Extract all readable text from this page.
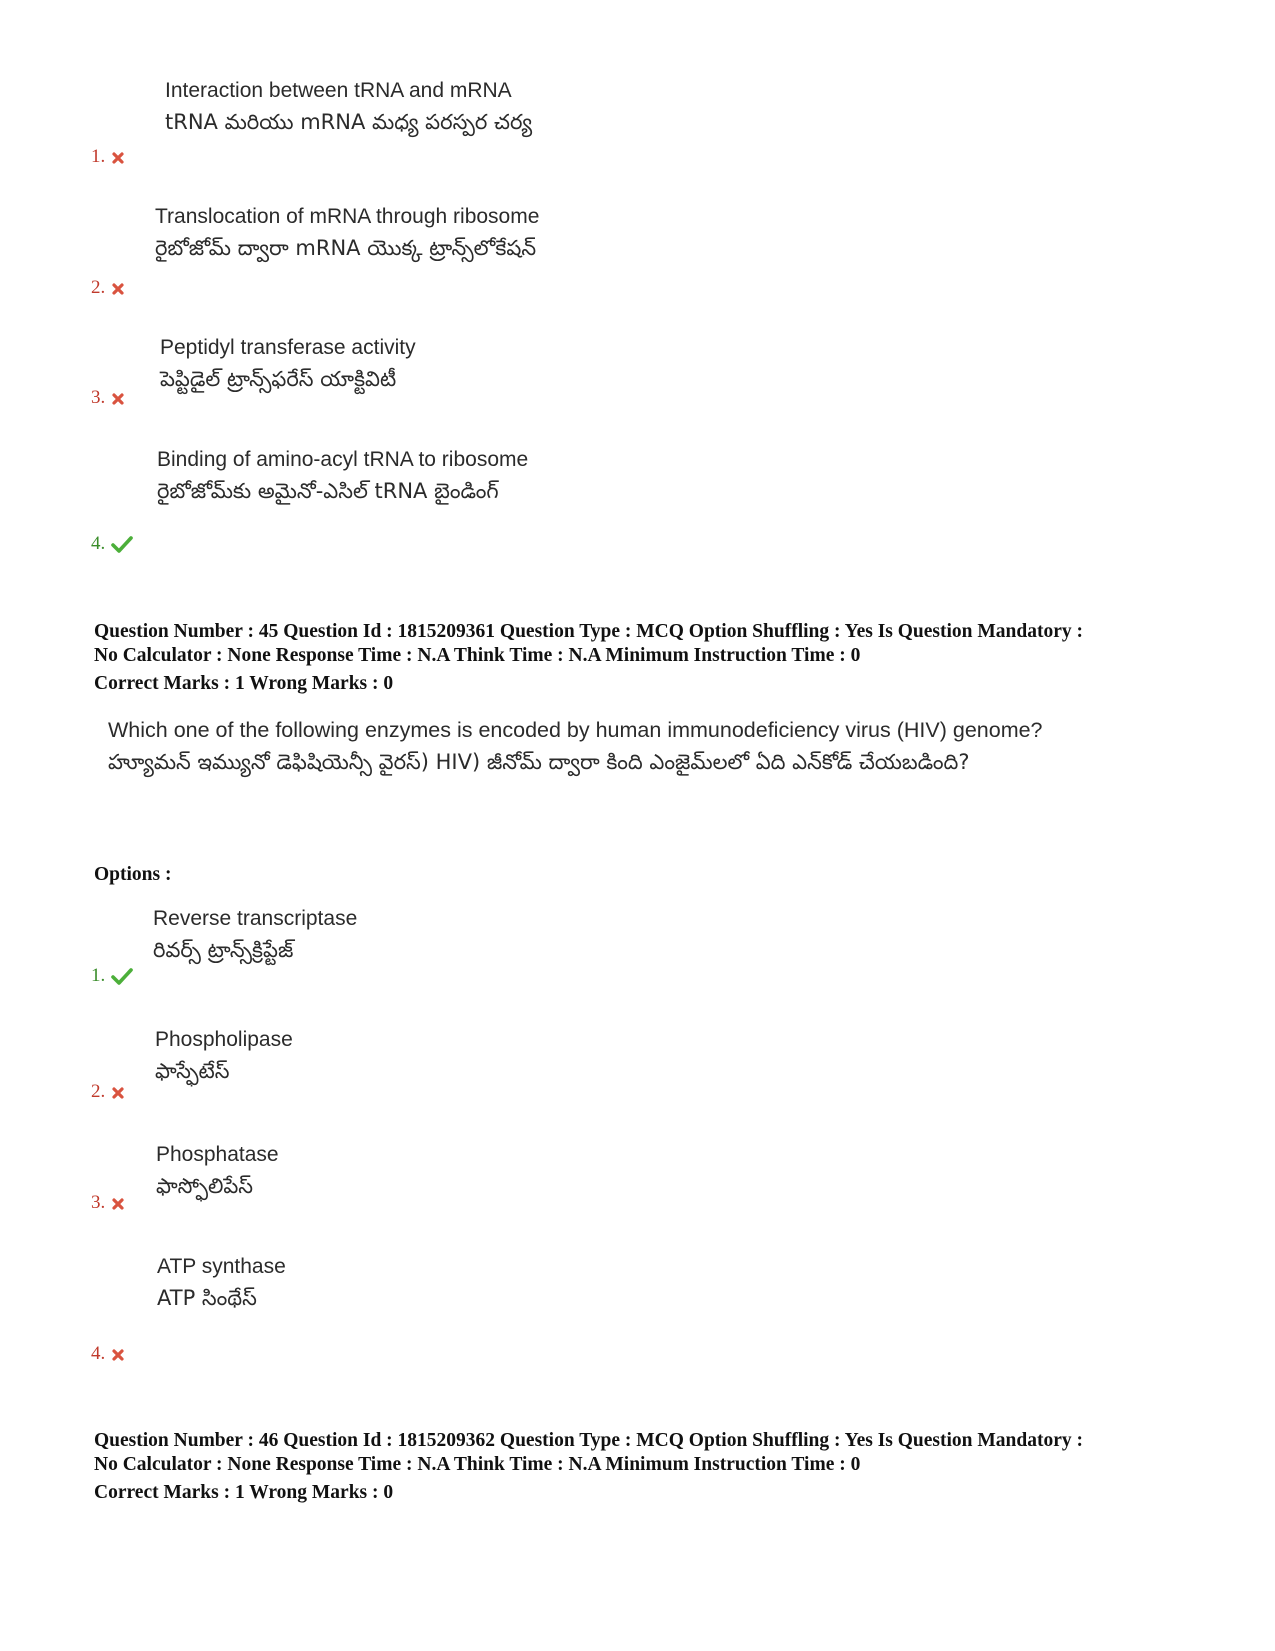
Interaction between tRNA and mRNA
tRNA మరియు mRNA మధ్య పరస్పర చర్య
1.
Translocation of mRNA through ribosome
రైబోజోమ్ ద్వారా mRNA యొక్క ట్రాన్స్‌లోకేషన్
2.
Peptidyl transferase activity
పెప్టిడైల్ ట్రాన్స్‌ఫరేస్ యాక్టివిటీ
3.
Binding of amino-acyl tRNA to ribosome
రైబోజోమ్‌కు అమైనో-ఎసిల్ tRNA బైండింగ్
4.
Question Number : 45 Question Id : 1815209361 Question Type : MCQ Option Shuffling : Yes Is Question Mandatory :
No Calculator : None Response Time : N.A Think Time : N.A Minimum Instruction Time : 0
Correct Marks : 1 Wrong Marks : 0
Which one of the following enzymes is encoded by human immunodeficiency virus (HIV) genome?
హ్యూమన్ ఇమ్యునో డెఫిషియెన్సీ వైరస్) HIV) జీనోమ్ ద్వారా కింది ఎంజైమ్‌లలో ఏది ఎన్‌కోడ్ చేయబడింది?
Options :
Reverse transcriptase
రివర్స్ ట్రాన్స్‌క్రిప్టేజ్
1.
Phospholipase
ఫాస్ఫేటేస్
2.
Phosphatase
ఫాస్ఫోలిపేస్
3.
ATP synthase
ATP సింథేస్
4.
Question Number : 46 Question Id : 1815209362 Question Type : MCQ Option Shuffling : Yes Is Question Mandatory :
No Calculator : None Response Time : N.A Think Time : N.A Minimum Instruction Time : 0
Correct Marks : 1 Wrong Marks : 0
